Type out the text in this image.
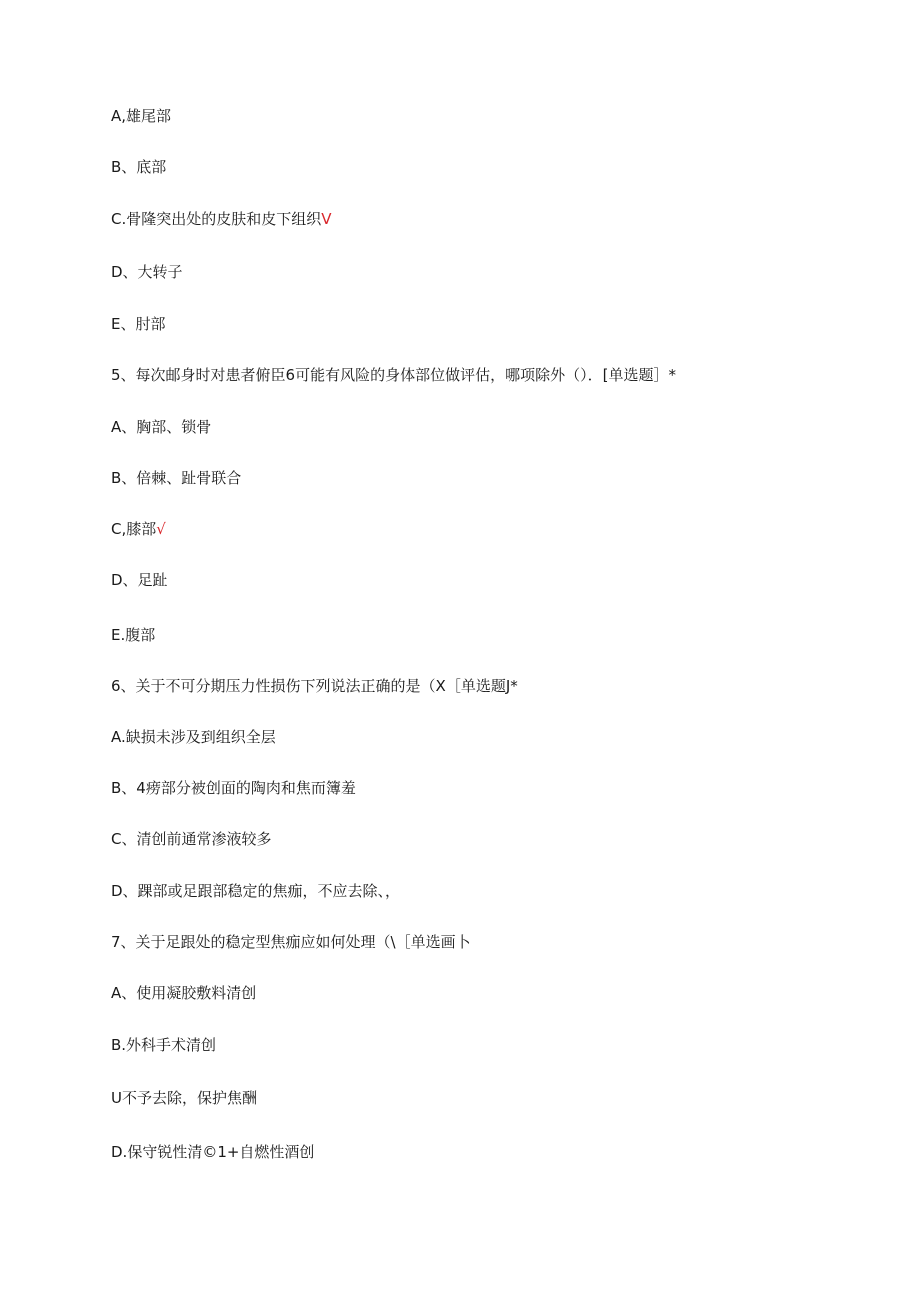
A,雄尾部
B、底部
C.骨隆突出处的皮肤和皮下组织V
D、大转子
E、肘部
5、每次邮身时对患者俯臣6可能有风险的身体部位做评估，哪项除外（）．[单选题］*
A、胸部、锁骨
B、倍棘、趾骨联合
C,膝部√
D、足趾
E.腹部
6、关于不可分期压力性损伤下列说法正确的是（X［单选题J*
A.缺损未涉及到组织全层
B、4痨部分被创面的陶肉和焦而簿羞
C、清创前通常渗液较多
D、踝部或足跟部稳定的焦痂，不应去除、，
7、关于足跟处的稳定型焦痂应如何处理（\［单选画卜
A、使用凝胶敷料清创
B.外科手术清创
U不予去除，保护焦酬
D.保守锐性清©1+自燃性酒创
